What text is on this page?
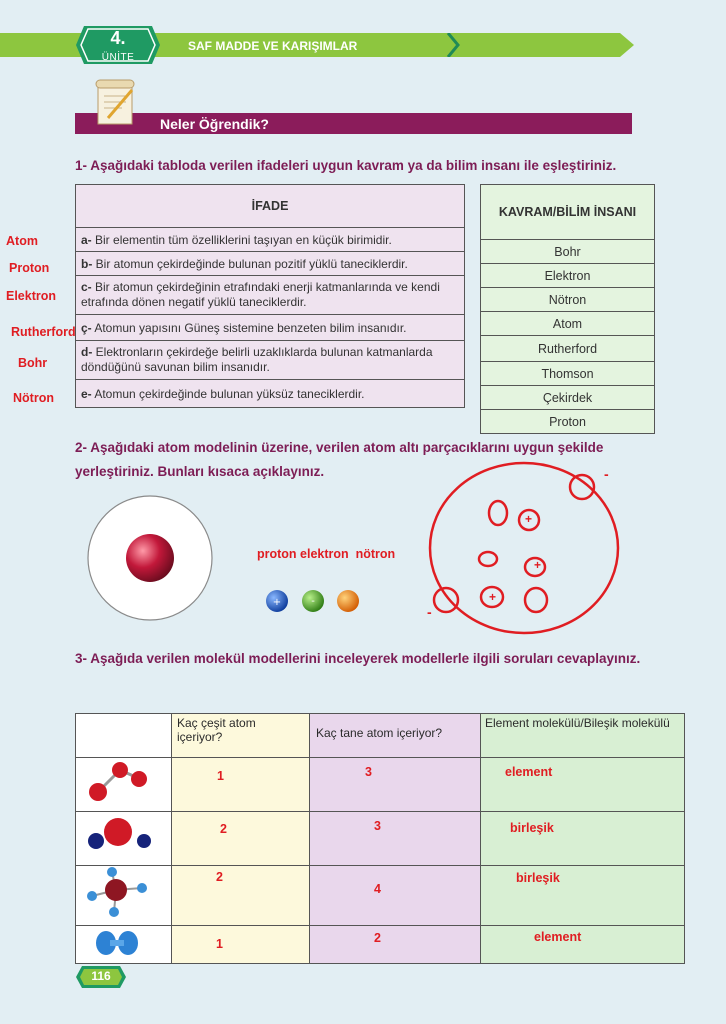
4.
ÜNİTE
SAF MADDE VE KARIŞIMLAR
Neler Öğrendik?
1- Aşağıdaki tabloda verilen ifadeleri uygun kavram ya da bilim insanı ile eşleştiriniz.
İFADE
a- Bir elementin tüm özelliklerini taşıyan en küçük birimidir.
b- Bir atomun çekirdeğinde bulunan pozitif yüklü taneciklerdir.
c- Bir atomun çekirdeğinin etrafındaki enerji katmanlarında ve kendi etrafında dönen negatif yüklü taneciklerdir.
ç- Atomun yapısını Güneş sistemine benzeten bilim insanıdır.
d- Elektronların çekirdeğe belirli uzaklıklarda bulunan katmanlarda döndüğünü savunan bilim insanıdır.
e- Atomun çekirdeğinde bulunan yüksüz taneciklerdir.
KAVRAM/BİLİM İNSANI
Bohr
Elektron
Nötron
Atom
Rutherford
Thomson
Çekirdek
Proton
Atom
Proton
Elektron
Rutherford
Bohr
Nötron
2- Aşağıdaki atom modelinin üzerine, verilen atom altı parçacıklarını uygun şekilde yerleştiriniz. Bunları kısaca açıklayınız.
proton elektron  nötron
+	-
+
+
+
-
-
3- Aşağıda verilen molekül modellerini inceleyerek modellerle ilgili soruları cevaplayınız.
	Kaç çeşit atom içeriyor?	Kaç tane atom içeriyor?	Element molekülü/Bileşik molekülü

1	3	element

2	3	birleşik

2	4	birleşik

1	2	element
116
